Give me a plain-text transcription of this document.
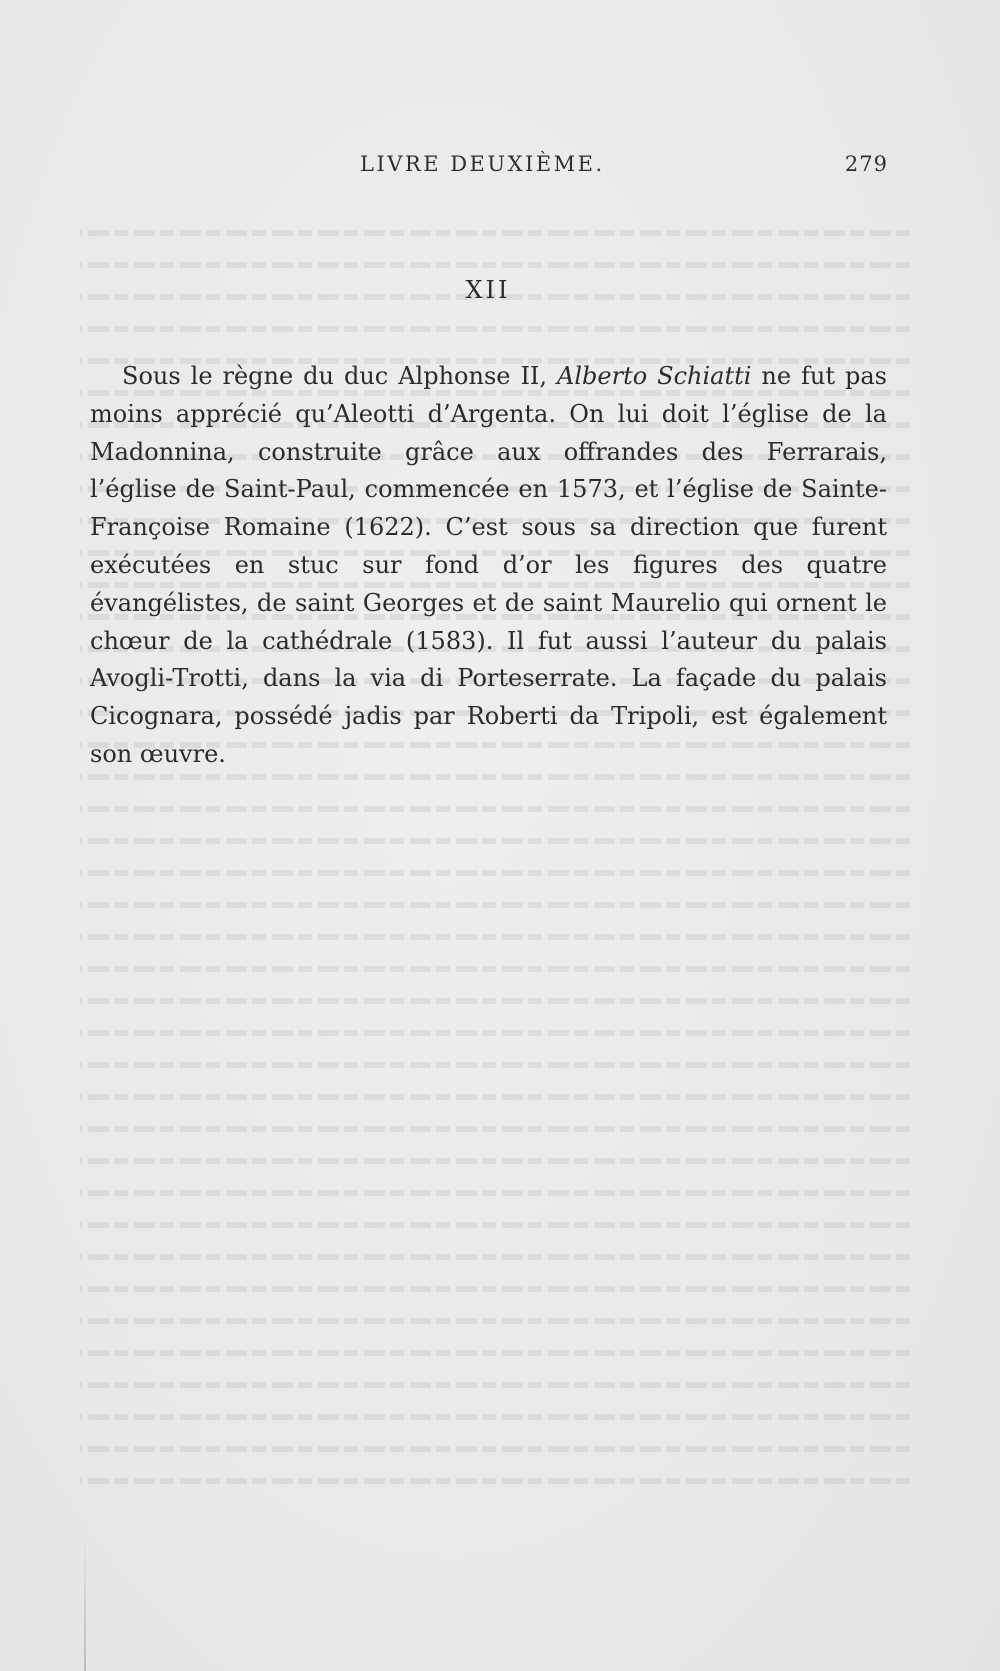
LIVRE DEUXIÈME.	279
XII
Sous le règne du duc Alphonse II, Alberto Schiatti ne fut pas moins apprécié qu’Aleotti d’Argenta. On lui doit l’église de la Madonnina, construite grâce aux offrandes des Ferrarais, l’église de Saint-Paul, commencée en 1573, et l’église de Sainte-Françoise Romaine (1622). C’est sous sa direction que furent exécutées en stuc sur fond d’or les figures des quatre évangélistes, de saint Georges et de saint Maurelio qui ornent le chœur de la cathédrale (1583). Il fut aussi l’auteur du palais Avogli-Trotti, dans la via di Porteserrate. La façade du palais Cicognara, possédé jadis par Roberti da Tripoli, est également son œuvre.
